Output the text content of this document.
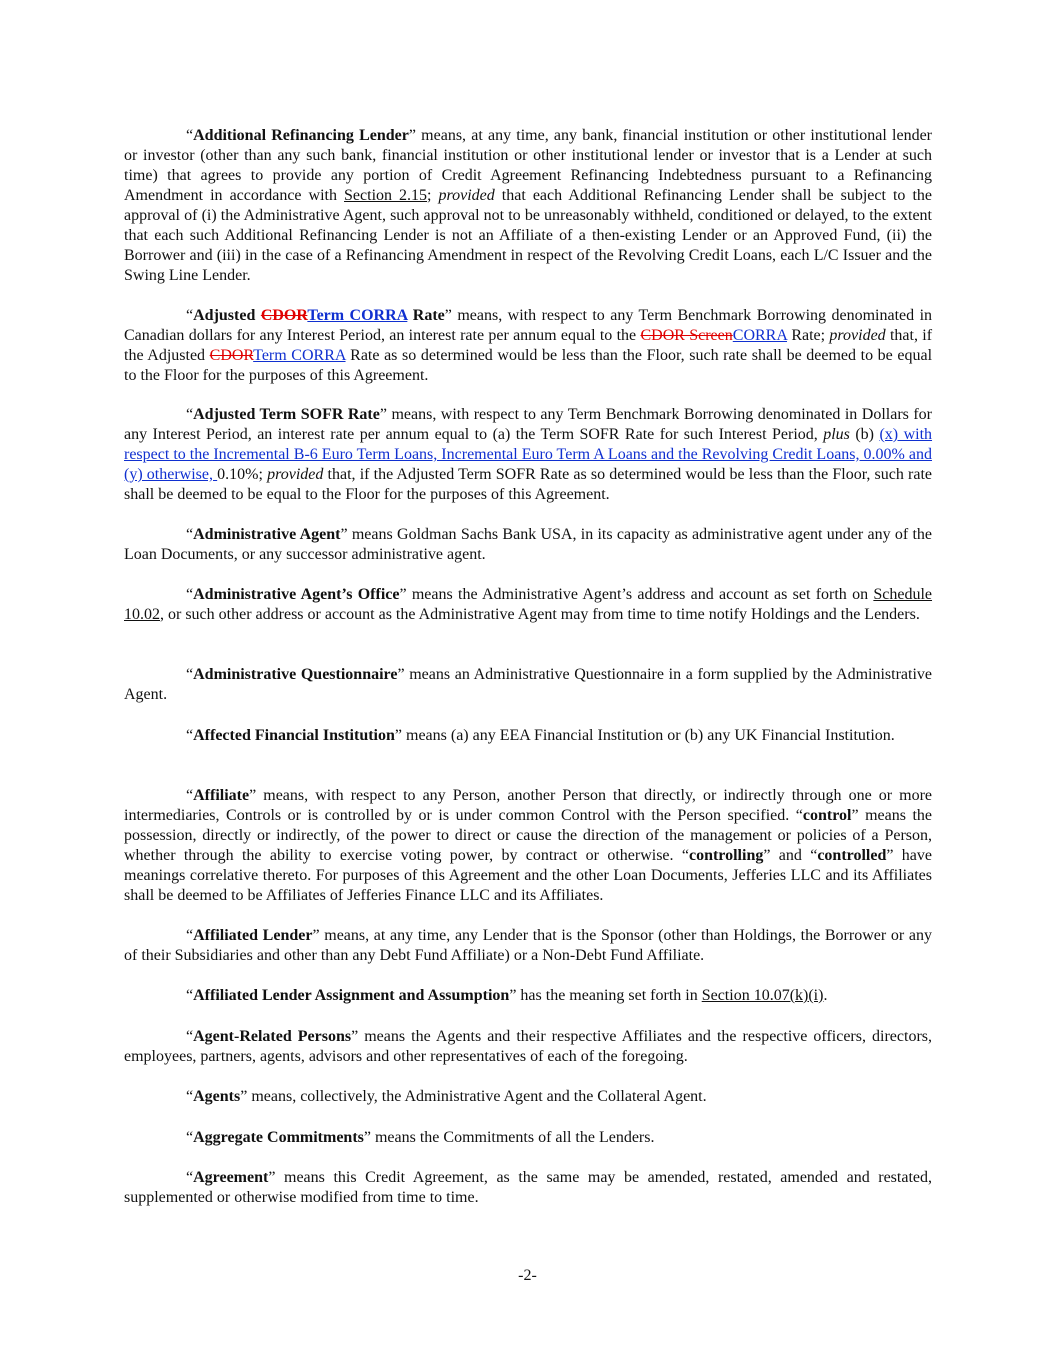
“Additional Refinancing Lender” means, at any time, any bank, financial institution or other institutional lender or investor (other than any such bank, financial institution or other institutional lender or investor that is a Lender at such time) that agrees to provide any portion of Credit Agreement Refinancing Indebtedness pursuant to a Refinancing Amendment in accordance with Section 2.15; provided that each Additional Refinancing Lender shall be subject to the approval of (i) the Administrative Agent, such approval not to be unreasonably withheld, conditioned or delayed, to the extent that each such Additional Refinancing Lender is not an Affiliate of a then-existing Lender or an Approved Fund, (ii) the Borrower and (iii) in the case of a Refinancing Amendment in respect of the Revolving Credit Loans, each L/C Issuer and the Swing Line Lender.

“Adjusted CDORTerm CORRA Rate” means, with respect to any Term Benchmark Borrowing denominated in Canadian dollars for any Interest Period, an interest rate per annum equal to the CDOR ScreenCORRA Rate; provided that, if the Adjusted CDORTerm CORRA Rate as so determined would be less than the Floor, such rate shall be deemed to be equal to the Floor for the purposes of this Agreement.

“Adjusted Term SOFR Rate” means, with respect to any Term Benchmark Borrowing denominated in Dollars for any Interest Period, an interest rate per annum equal to (a) the Term SOFR Rate for such Interest Period, plus (b) (x) with respect to the Incremental B-6 Euro Term Loans, Incremental Euro Term A Loans and the Revolving Credit Loans, 0.00% and (y) otherwise, 0.10%; provided that, if the Adjusted Term SOFR Rate as so determined would be less than the Floor, such rate shall be deemed to be equal to the Floor for the purposes of this Agreement.

“Administrative Agent” means Goldman Sachs Bank USA, in its capacity as administrative agent under any of the Loan Documents, or any successor administrative agent.

“Administrative Agent’s Office” means the Administrative Agent’s address and account as set forth on Schedule 10.02, or such other address or account as the Administrative Agent may from time to time notify Holdings and the Lenders.

“Administrative Questionnaire” means an Administrative Questionnaire in a form supplied by the Administrative Agent.

“Affected Financial Institution” means (a) any EEA Financial Institution or (b) any UK Financial Institution.

“Affiliate” means, with respect to any Person, another Person that directly, or indirectly through one or more intermediaries, Controls or is controlled by or is under common Control with the Person specified. “control” means the possession, directly or indirectly, of the power to direct or cause the direction of the management or policies of a Person, whether through the ability to exercise voting power, by contract or otherwise. “controlling” and “controlled” have meanings correlative thereto. For purposes of this Agreement and the other Loan Documents, Jefferies LLC and its Affiliates shall be deemed to be Affiliates of Jefferies Finance LLC and its Affiliates.

“Affiliated Lender” means, at any time, any Lender that is the Sponsor (other than Holdings, the Borrower or any of their Subsidiaries and other than any Debt Fund Affiliate) or a Non-Debt Fund Affiliate.

“Affiliated Lender Assignment and Assumption” has the meaning set forth in Section 10.07(k)(i).

“Agent-Related Persons” means the Agents and their respective Affiliates and the respective officers, directors, employees, partners, agents, advisors and other representatives of each of the foregoing.

“Agents” means, collectively, the Administrative Agent and the Collateral Agent.

“Aggregate Commitments” means the Commitments of all the Lenders.

“Agreement” means this Credit Agreement, as the same may be amended, restated, amended and restated, supplemented or otherwise modified from time to time.

-2-
